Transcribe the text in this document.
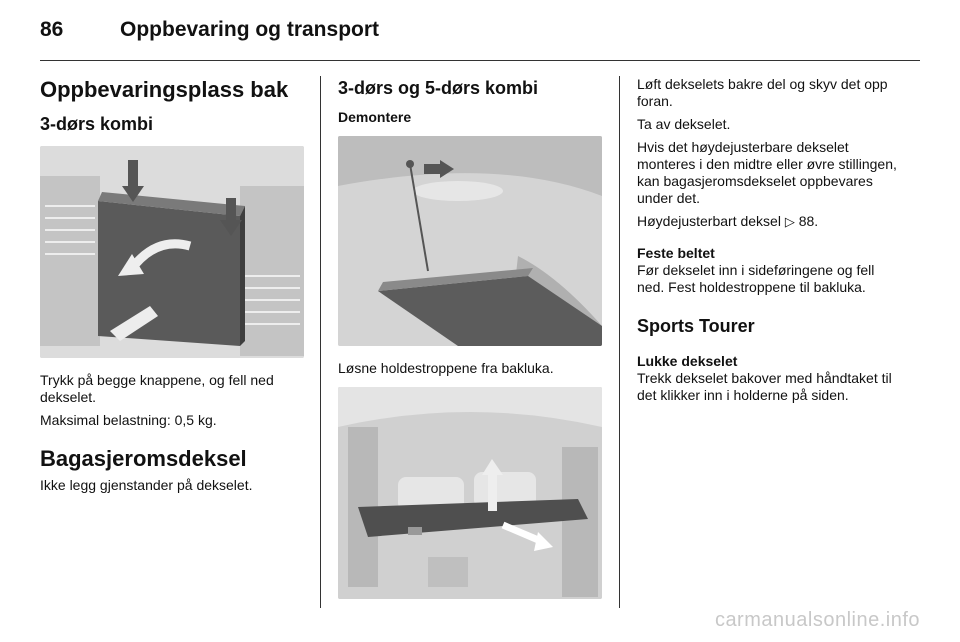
86	Oppbevaring og transport
Oppbevaringsplass bak
3-dørs kombi

Trykk på begge knappene, og fell ned dekselet.

Maksimal belastning: 0,5 kg.

Bagasjeromsdeksel

Ikke legg gjenstander på dekselet.

3-dørs og 5-dørs kombi
Demontere

Løsne holdestroppene fra bakluka.

Løft dekselets bakre del og skyv det opp foran.

Ta av dekselet.

Hvis det høydejusterbare dekselet monteres i den midtre eller øvre stillingen, kan bagasjeromsdekselet oppbevares under det.

Høydejusterbart deksel ▷ 88.

Feste beltet

Før dekselet inn i sideføringene og fell ned. Fest holdestroppene til bakluka.

Sports Tourer
Lukke dekselet

Trekk dekselet bakover med håndtaket til det klikker inn i holderne på siden.

carmanualsonline.info
